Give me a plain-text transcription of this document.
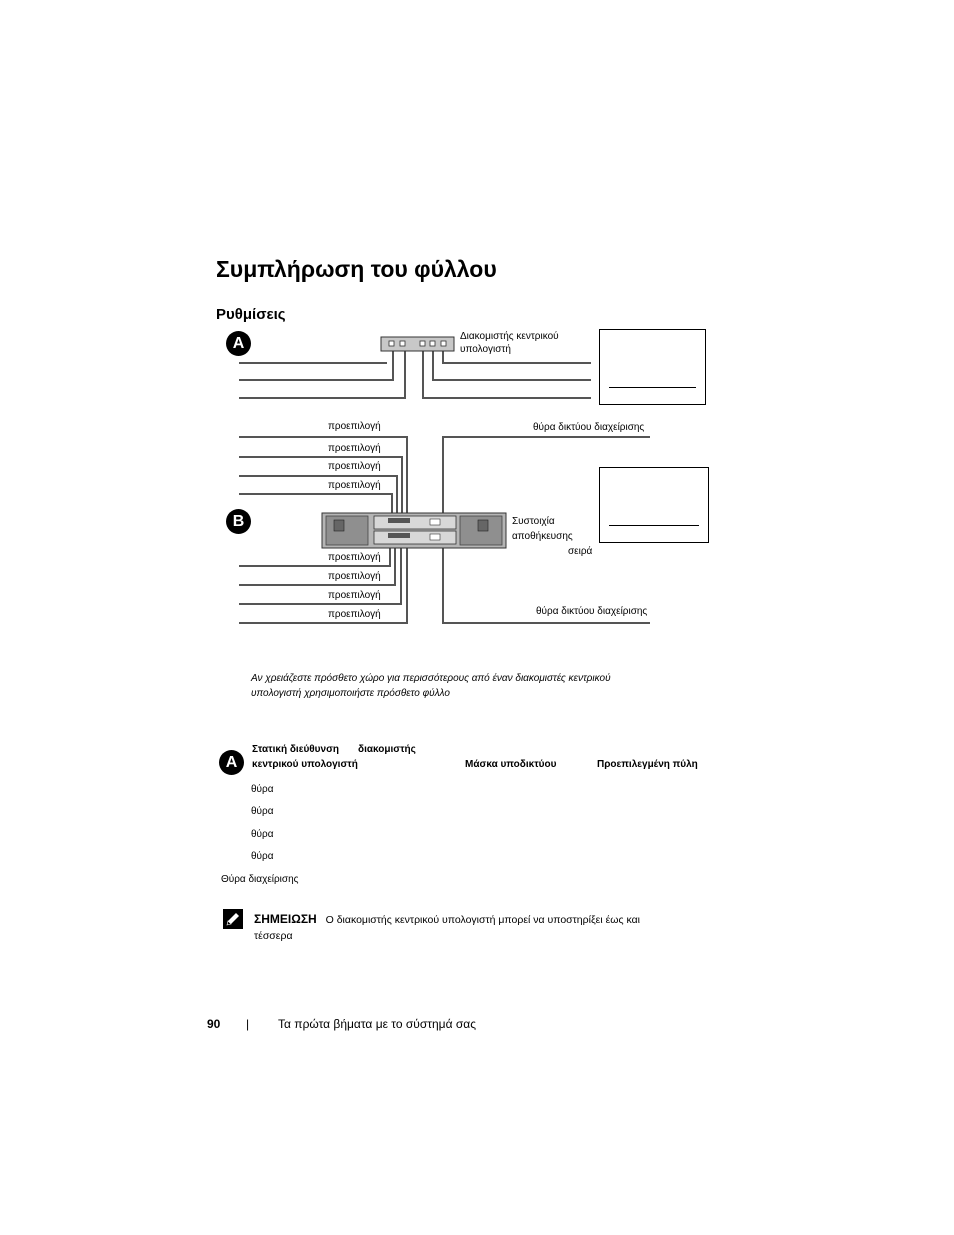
Συμπλήρωση του φύλλου
Ρυθμίσεις
A
B
Διακομιστής κεντρικού
υπολογιστή
προεπιλογή
προεπιλογή
προεπιλογή
προεπιλογή
προεπιλογή
προεπιλογή
προεπιλογή
προεπιλογή
θύρα δικτύου διαχείρισης
θύρα δικτύου διαχείρισης
Συστοιχία
αποθήκευσης
σειρά
Αν χρειάζεστε πρόσθετο χώρο για περισσότερους από έναν διακομιστές κεντρικού
υπολογιστή χρησιμοποιήστε πρόσθετο φύλλο
A
Στατική διεύθυνση διακομιστής
κεντρικού υπολογιστή	Μάσκα υποδικτύου	Προεπιλεγμένη πύλη
θύρα
θύρα
θύρα
θύρα
Θύρα διαχείρισης
ΣΗΜΕΙΩΣΗ Ο διακομιστής κεντρικού υπολογιστή μπορεί να υποστηρίξει έως και
τέσσερα
90 | Τα πρώτα βήματα με το σύστημά σας
